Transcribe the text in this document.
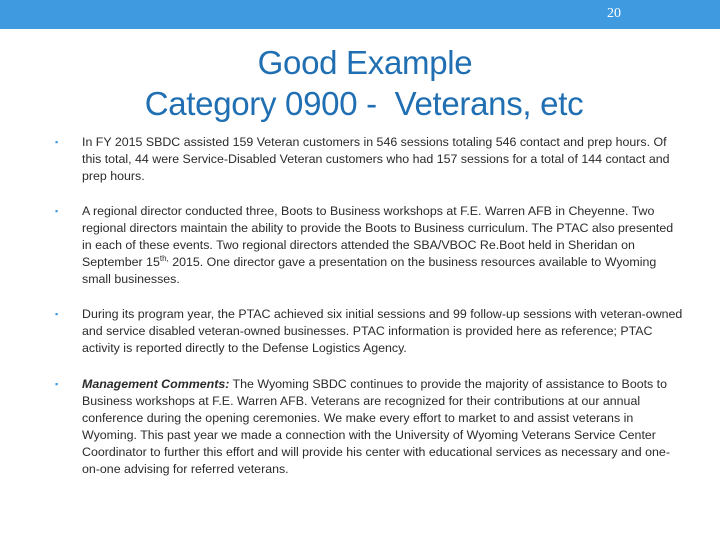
20
Good Example
Category 0900 -  Veterans, etc
▪ In FY 2015 SBDC assisted 159 Veteran customers in 546 sessions totaling 546 contact and prep hours. Of this total, 44 were Service-Disabled Veteran customers who had 157 sessions for a total of 144 contact and prep hours.
▪ A regional director conducted three, Boots to Business workshops at F.E. Warren AFB in Cheyenne. Two regional directors maintain the ability to provide the Boots to Business curriculum. The PTAC also presented in each of these events. Two regional directors attended the SBA/VBOC Re.Boot held in Sheridan on September $15^{th,}$ 2015. One director gave a presentation on the business resources available to Wyoming small businesses.
▪ During its program year, the PTAC achieved six initial sessions and 99 follow-up sessions with veteran-owned and service disabled veteran-owned businesses. PTAC information is provided here as reference; PTAC activity is reported directly to the Defense Logistics Agency.
▪ Management Comments: The Wyoming SBDC continues to provide the majority of assistance to Boots to Business workshops at F.E. Warren AFB. Veterans are recognized for their contributions at our annual conference during the opening ceremonies. We make every effort to market to and assist veterans in Wyoming. This past year we made a connection with the University of Wyoming Veterans Service Center Coordinator to further this effort and will provide his center with educational services as necessary and one-on-one advising for referred veterans.
